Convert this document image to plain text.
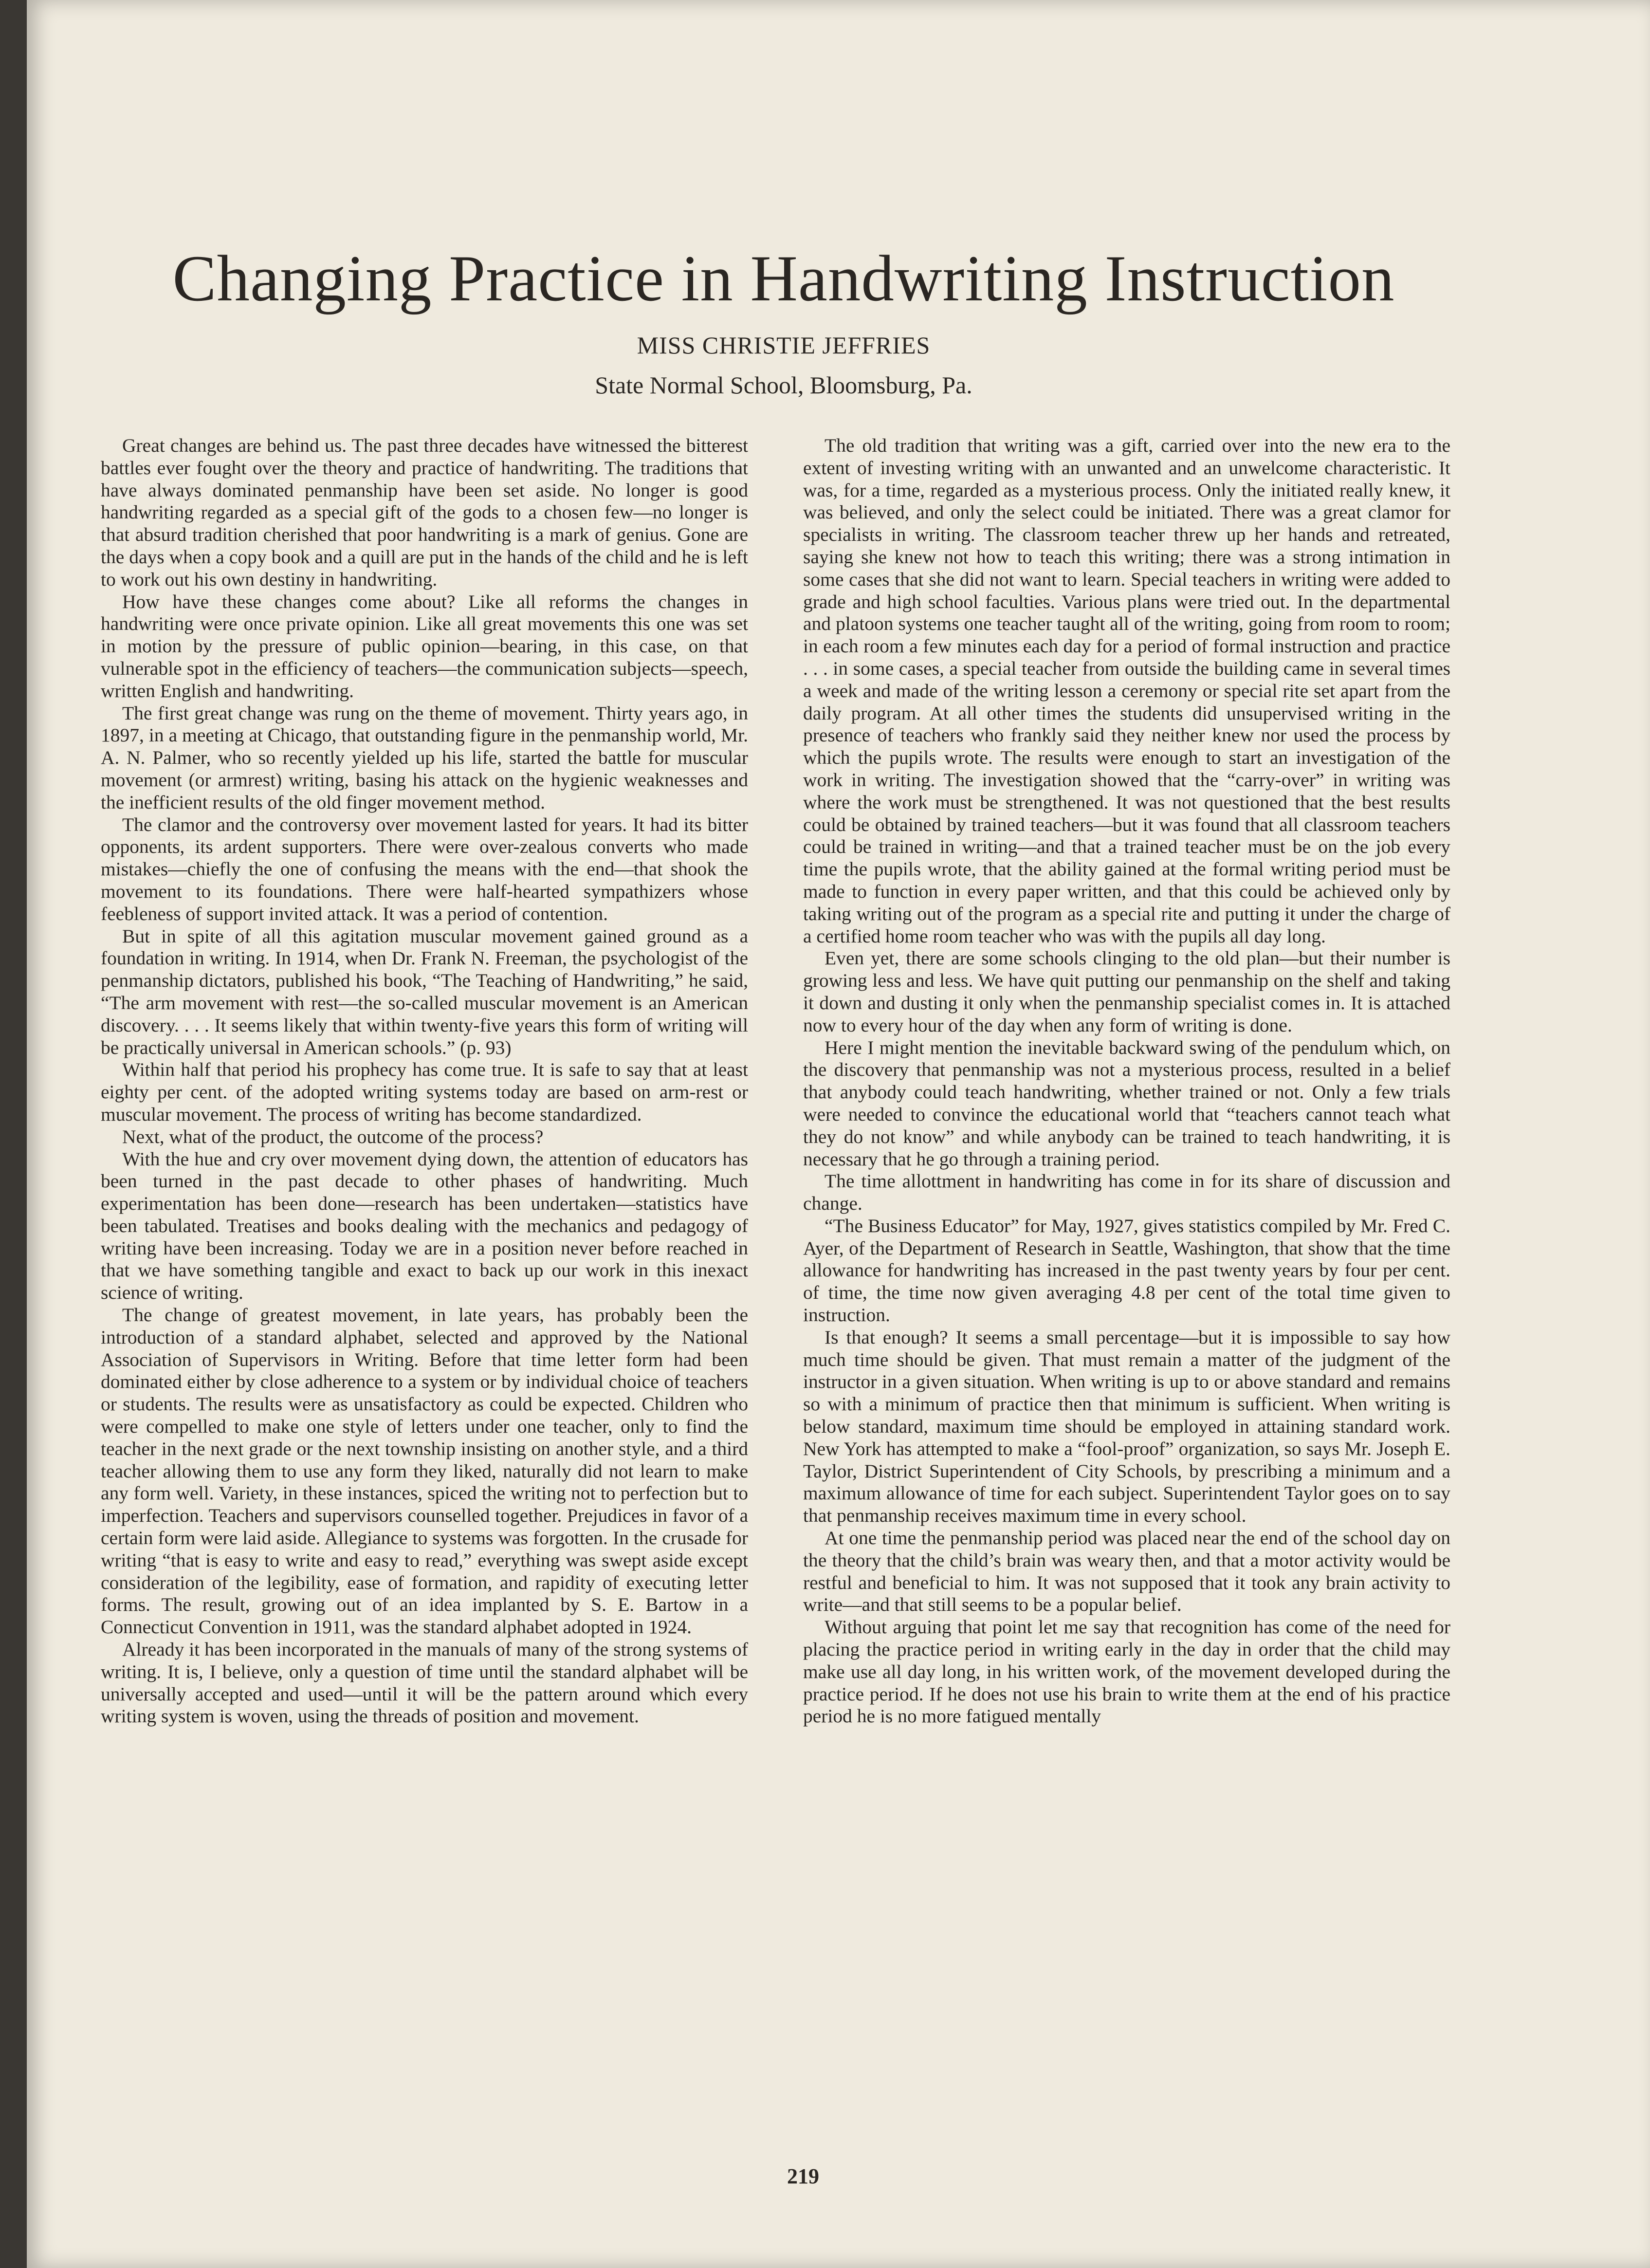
Changing Practice in Handwriting Instruction
MISS CHRISTIE JEFFRIES
State Normal School, Bloomsburg, Pa.

Great changes are behind us. The past three decades have witnessed the bitterest battles ever fought over the theory and practice of handwriting. The traditions that have always dominated penmanship have been set aside. No longer is good handwriting regarded as a special gift of the gods to a chosen few—no longer is that absurd tradition cherished that poor handwriting is a mark of genius. Gone are the days when a copy book and a quill are put in the hands of the child and he is left to work out his own destiny in handwriting.

How have these changes come about? Like all reforms the changes in handwriting were once private opinion. Like all great movements this one was set in motion by the pressure of public opinion—bearing, in this case, on that vulnerable spot in the efficiency of teachers—the communication subjects—speech, written English and handwriting.

The first great change was rung on the theme of movement. Thirty years ago, in 1897, in a meeting at Chicago, that outstanding figure in the penmanship world, Mr. A. N. Palmer, who so recently yielded up his life, started the battle for muscular movement (or armrest) writing, basing his attack on the hygienic weaknesses and the inefficient results of the old finger movement method.

The clamor and the controversy over movement lasted for years. It had its bitter opponents, its ardent supporters. There were over-zealous converts who made mistakes—chiefly the one of confusing the means with the end—that shook the movement to its foundations. There were half-hearted sympathizers whose feebleness of support invited attack. It was a period of contention.

But in spite of all this agitation muscular movement gained ground as a foundation in writing. In 1914, when Dr. Frank N. Freeman, the psychologist of the penmanship dictators, published his book, “The Teaching of Handwriting,” he said, “The arm movement with rest—the so-called muscular movement is an American discovery. . . . It seems likely that within twenty-five years this form of writing will be practically universal in American schools.” (p. 93)

Within half that period his prophecy has come true. It is safe to say that at least eighty per cent. of the adopted writing systems today are based on arm-rest or muscular movement. The process of writing has become standardized.

Next, what of the product, the outcome of the process?

With the hue and cry over movement dying down, the attention of educators has been turned in the past decade to other phases of handwriting. Much experimentation has been done—research has been undertaken—statistics have been tabulated. Treatises and books dealing with the mechanics and pedagogy of writing have been increasing. Today we are in a position never before reached in that we have something tangible and exact to back up our work in this inexact science of writing.

The change of greatest movement, in late years, has probably been the introduction of a standard alphabet, selected and approved by the National Association of Supervisors in Writing. Before that time letter form had been dominated either by close adherence to a system or by individual choice of teachers or students. The results were as unsatisfactory as could be expected. Children who were compelled to make one style of letters under one teacher, only to find the teacher in the next grade or the next township insisting on another style, and a third teacher allowing them to use any form they liked, naturally did not learn to make any form well. Variety, in these instances, spiced the writing not to perfection but to imperfection. Teachers and supervisors counselled together. Prejudices in favor of a certain form were laid aside. Allegiance to systems was forgotten. In the crusade for writing “that is easy to write and easy to read,” everything was swept aside except consideration of the legibility, ease of formation, and rapidity of executing letter forms. The result, growing out of an idea implanted by S. E. Bartow in a Connecticut Convention in 1911, was the standard alphabet adopted in 1924.

Already it has been incorporated in the manuals of many of the strong systems of writing. It is, I believe, only a question of time until the standard alphabet will be universally accepted and used—until it will be the pattern around which every writing system is woven, using the threads of position and movement.

The old tradition that writing was a gift, carried over into the new era to the extent of investing writing with an unwanted and an unwelcome characteristic. It was, for a time, regarded as a mysterious process. Only the initiated really knew, it was believed, and only the select could be initiated. There was a great clamor for specialists in writing. The classroom teacher threw up her hands and retreated, saying she knew not how to teach this writing; there was a strong intimation in some cases that she did not want to learn. Special teachers in writing were added to grade and high school faculties. Various plans were tried out. In the departmental and platoon systems one teacher taught all of the writing, going from room to room; in each room a few minutes each day for a period of formal instruction and practice . . . in some cases, a special teacher from outside the building came in several times a week and made of the writing lesson a ceremony or special rite set apart from the daily program. At all other times the students did unsupervised writing in the presence of teachers who frankly said they neither knew nor used the process by which the pupils wrote. The results were enough to start an investigation of the work in writing. The investigation showed that the “carry-over” in writing was where the work must be strengthened. It was not questioned that the best results could be obtained by trained teachers—but it was found that all classroom teachers could be trained in writing—and that a trained teacher must be on the job every time the pupils wrote, that the ability gained at the formal writing period must be made to function in every paper written, and that this could be achieved only by taking writing out of the program as a special rite and putting it under the charge of a certified home room teacher who was with the pupils all day long.

Even yet, there are some schools clinging to the old plan—but their number is growing less and less. We have quit putting our penmanship on the shelf and taking it down and dusting it only when the penmanship specialist comes in. It is attached now to every hour of the day when any form of writing is done.

Here I might mention the inevitable backward swing of the pendulum which, on the discovery that penmanship was not a mysterious process, resulted in a belief that anybody could teach handwriting, whether trained or not. Only a few trials were needed to convince the educational world that “teachers cannot teach what they do not know” and while anybody can be trained to teach handwriting, it is necessary that he go through a training period.

The time allottment in handwriting has come in for its share of discussion and change.

“The Business Educator” for May, 1927, gives statistics compiled by Mr. Fred C. Ayer, of the Department of Research in Seattle, Washington, that show that the time allowance for handwriting has increased in the past twenty years by four per cent. of time, the time now given averaging 4.8 per cent of the total time given to instruction.

Is that enough? It seems a small percentage—but it is impossible to say how much time should be given. That must remain a matter of the judgment of the instructor in a given situation. When writing is up to or above standard and remains so with a minimum of practice then that minimum is sufficient. When writing is below standard, maximum time should be employed in attaining standard work. New York has attempted to make a “fool-proof” organization, so says Mr. Joseph E. Taylor, District Superintendent of City Schools, by prescribing a minimum and a maximum allowance of time for each subject. Superintendent Taylor goes on to say that penmanship receives maximum time in every school.

At one time the penmanship period was placed near the end of the school day on the theory that the child’s brain was weary then, and that a motor activity would be restful and beneficial to him. It was not supposed that it took any brain activity to write—and that still seems to be a popular belief.

Without arguing that point let me say that recognition has come of the need for placing the practice period in writing early in the day in order that the child may make use all day long, in his written work, of the movement developed during the practice period. If he does not use his brain to write them at the end of his practice period he is no more fatigued mentally

219
